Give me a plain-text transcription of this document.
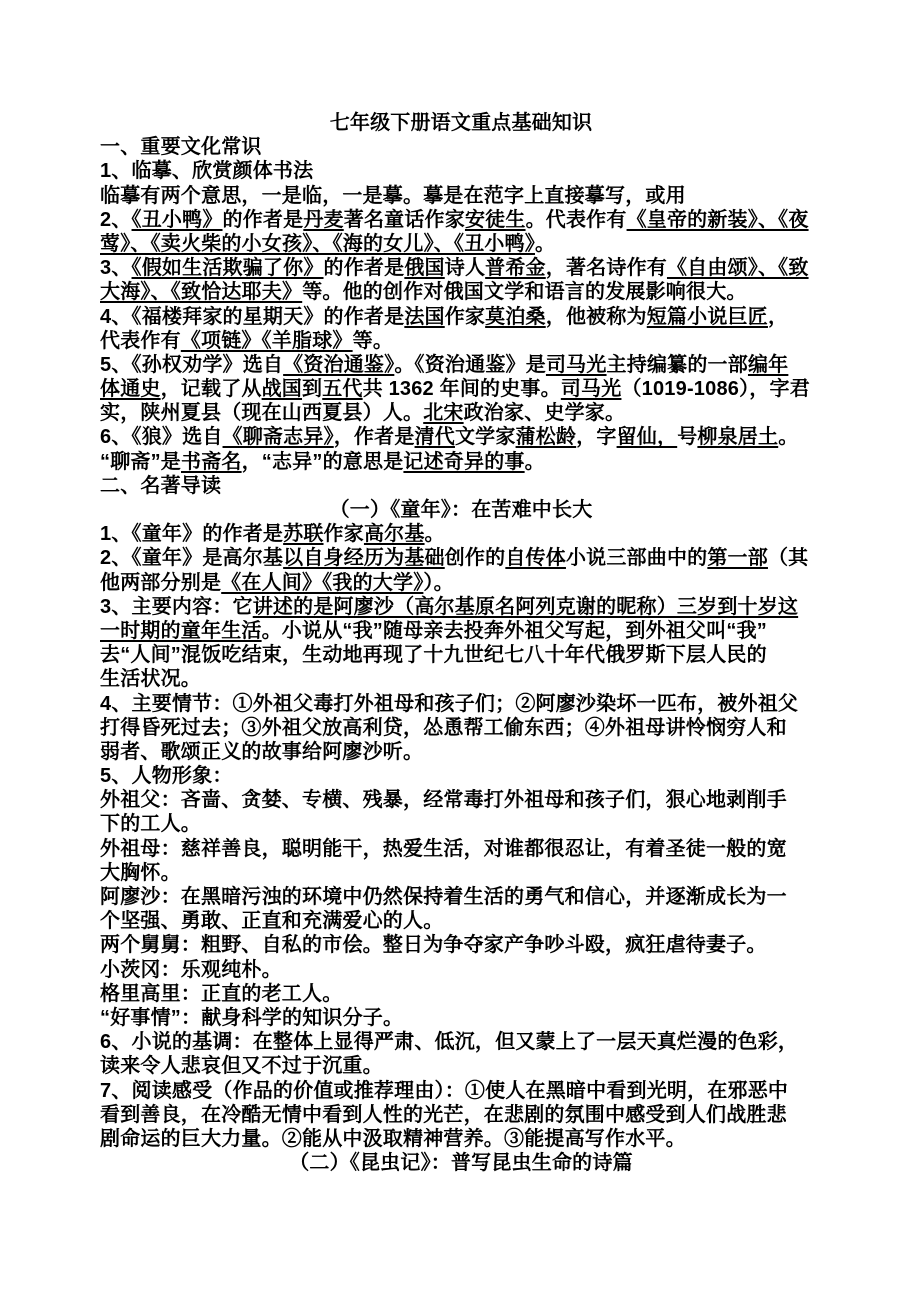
七年级下册语文重点基础知识
一、重要文化常识
1、临摹、欣赏颜体书法
临摹有两个意思，一是临，一是摹。摹是在范字上直接摹写，或用
2、《丑小鸭》的作者是丹麦著名童话作家安徒生。代表作有《皇帝的新装》、《夜
莺》、《卖火柴的小女孩》、《海的女儿》、《丑小鸭》。
3、《假如生活欺骗了你》的作者是俄国诗人普希金，著名诗作有《自由颂》、《致
大海》、《致恰达耶夫》等。他的创作对俄国文学和语言的发展影响很大。
4、《福楼拜家的星期天》的作者是法国作家莫泊桑，他被称为短篇小说巨匠，
代表作有《项链》《羊脂球》等。
5、《孙权劝学》选自《资治通鉴》。《资治通鉴》是司马光主持编纂的一部编年
体通史，记载了从战国到五代共 1362 年间的史事。司马光（1019-1086），字君
实，陕州夏县（现在山西夏县）人。北宋政治家、史学家。
6、《狼》选自《聊斋志异》，作者是清代文学家蒲松龄，字留仙，号柳泉居土。
“聊斋”是书斋名，“志异”的意思是记述奇异的事。
二、名著导读
（一）《童年》：在苦难中长大
1、《童年》的作者是苏联作家高尔基。
2、《童年》是高尔基以自身经历为基础创作的自传体小说三部曲中的第一部（其
他两部分别是《在人间》《我的大学》）。
3、主要内容：它讲述的是阿廖沙（高尔基原名阿列克谢的昵称）三岁到十岁这
一时期的童年生活。小说从“我”随母亲去投奔外祖父写起，到外祖父叫“我”
去“人间”混饭吃结束，生动地再现了十九世纪七八十年代俄罗斯下层人民的
生活状况。
4、主要情节：①外祖父毒打外祖母和孩子们；②阿廖沙染坏一匹布，被外祖父
打得昏死过去；③外祖父放高利贷，怂恿帮工偷东西；④外祖母讲怜悯穷人和
弱者、歌颂正义的故事给阿廖沙听。
5、人物形象：
外祖父：吝啬、贪婪、专横、残暴，经常毒打外祖母和孩子们，狠心地剥削手
下的工人。
外祖母：慈祥善良，聪明能干，热爱生活，对谁都很忍让，有着圣徒一般的宽
大胸怀。
阿廖沙：在黑暗污浊的环境中仍然保持着生活的勇气和信心，并逐渐成长为一
个坚强、勇敢、正直和充满爱心的人。
两个舅舅：粗野、自私的市侩。整日为争夺家产争吵斗殴，疯狂虐待妻子。
小茨冈：乐观纯朴。
格里高里：正直的老工人。
“好事情”：献身科学的知识分子。
6、小说的基调：在整体上显得严肃、低沉，但又蒙上了一层天真烂漫的色彩，
读来令人悲哀但又不过于沉重。
7、阅读感受（作品的价值或推荐理由）：①使人在黑暗中看到光明，在邪恶中
看到善良，在冷酷无情中看到人性的光芒，在悲剧的氛围中感受到人们战胜悲
剧命运的巨大力量。②能从中汲取精神营养。③能提高写作水平。
（二）《昆虫记》：普写昆虫生命的诗篇
